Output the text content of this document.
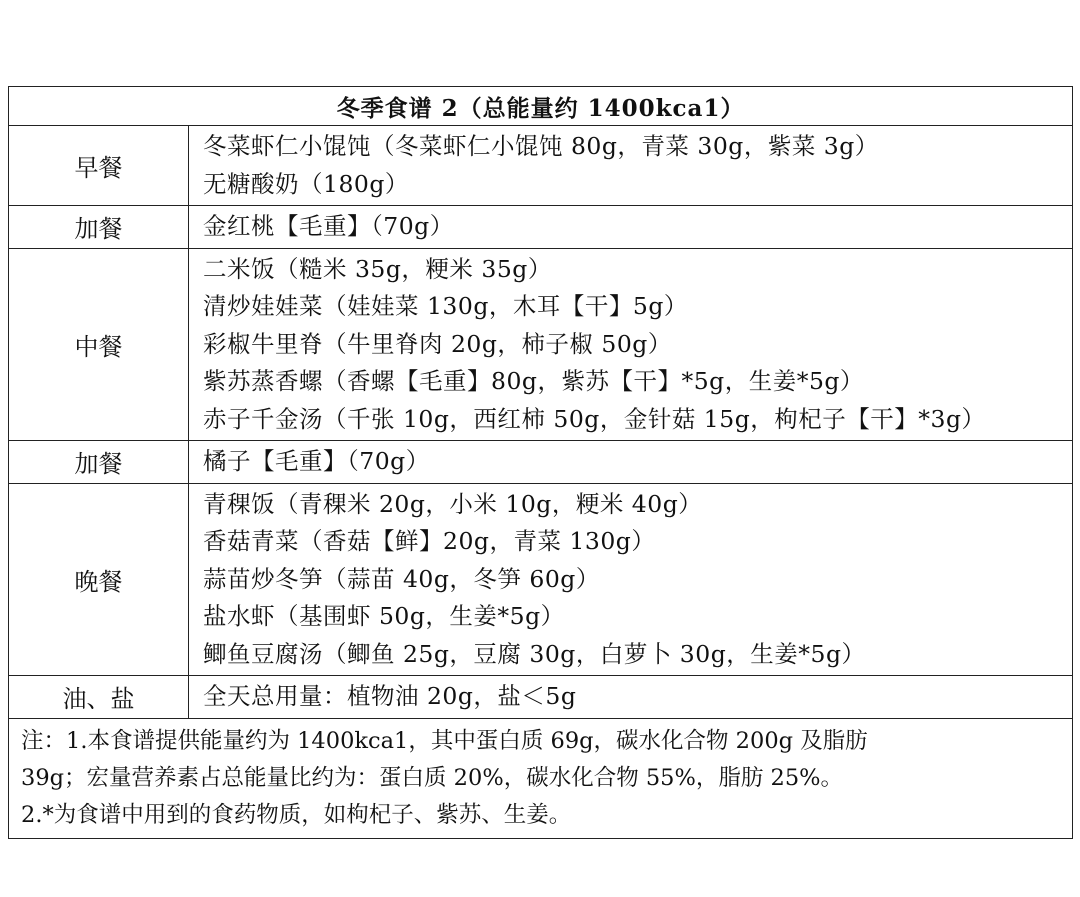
冬季食谱 2（总能量约 1400kca1）	
早餐	冬菜虾仁小馄饨（冬菜虾仁小馄饨 80g，青菜 30g，紫菜 3g）
无糖酸奶（180g）

加餐	金红桃【毛重】（70g）

中餐	二米饭（糙米 35g，粳米 35g）
清炒娃娃菜（娃娃菜 130g，木耳【干】5g）
彩椒牛里脊（牛里脊肉 20g，柿子椒 50g）
紫苏蒸香螺（香螺【毛重】80g，紫苏【干】*5g，生姜*5g）
赤子千金汤（千张 10g，西红柿 50g，金针菇 15g，枸杞子【干】*3g）

加餐	橘子【毛重】（70g）

晚餐	青稞饭（青稞米 20g，小米 10g，粳米 40g）
香菇青菜（香菇【鲜】20g，青菜 130g）
蒜苗炒冬笋（蒜苗 40g，冬笋 60g）
盐水虾（基围虾 50g，生姜*5g）
鲫鱼豆腐汤（鲫鱼 25g，豆腐 30g，白萝卜 30g，生姜*5g）

油、盐	全天总用量：植物油 20g，盐＜5g

注：1.本食谱提供能量约为 1400kca1，其中蛋白质 69g，碳水化合物 200g 及脂肪
39g；宏量营养素占总能量比约为：蛋白质 20%，碳水化合物 55%，脂肪 25%。
2.*为食谱中用到的食药物质，如枸杞子、紫苏、生姜。	
